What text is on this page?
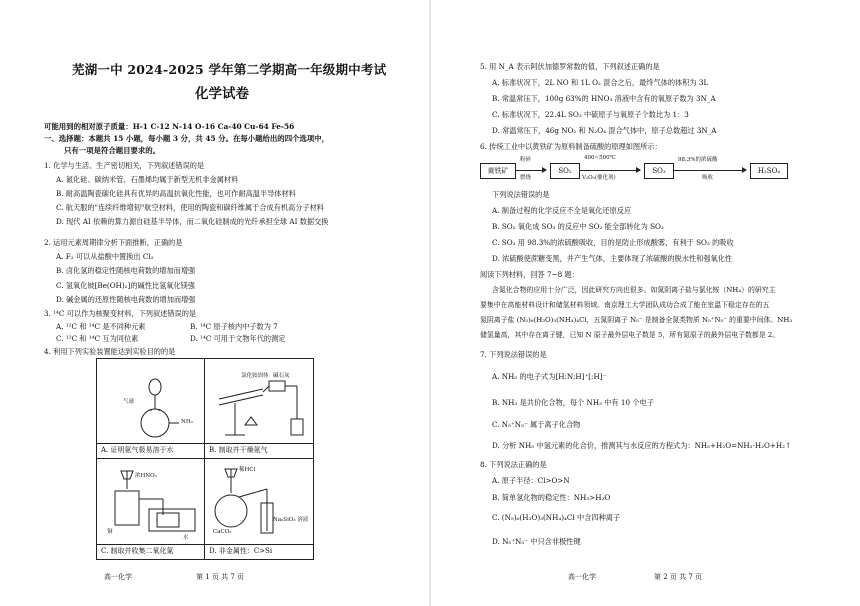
芜湖一中 2024-2025 学年第二学期高一年级期中考试
化学试卷
可能用到的相对原子质量：H-1 C-12 N-14 O-16 Ca-40 Cu-64 Fe-56
一、选择题：本题共 15 小题，每小题 3 分，共 45 分。在每小题给出的四个选项中，
只有一项是符合题目要求的。
1. 化学与生活、生产密切相关，下列叙述错误的是
A. 氮化硅、碳纳米管、石墨烯均属于新型无机非金属材料
B. 耐高温陶瓷碳化硅具有优异的高温抗氧化性能，也可作耐高温半导体材料
C. 航天服的"连续纤维增韧"航空材料，使用的陶瓷和碳纤维属于合成有机高分子材料
D. 现代 AI 依赖的算力源自硅基半导体，而二氧化硅制成的光纤承担全球 AI 数据交换
2. 运用元素周期律分析下面推断，正确的是
A. F₂ 可以从盐酸中置换出 Cl₂
B. 卤化氢的稳定性随核电荷数的增加而增强
C. 氢氧化铍[Be(OH)₂]的碱性比氢氧化镁强
D. 碱金属的还原性随核电荷数的增加而增强
3. ¹⁴C 可以作为核聚变材料，下列叙述错误的是
A. ¹²C 和 ¹⁴C 是不同种元素	B. ¹⁴C 原子核内中子数为 7
C. ¹²C 和 ¹⁴C 互为同位素	D. ¹⁴C 可用于文物年代的测定
4. 利用下列实验装置能达到实验目的的是
气球
NH₃
A. 证明氨气极易溶于水
氯化铵固体 碱石灰
B. 制取并干燥氨气
浓HNO₃
铜
水
C. 制取并收集二氧化氮
稀HCl
CaCO₃
Na₂SiO₃ 溶液
D. 非金属性：C>Si
高一化学	第 1 页 共 7 页
5. 用 N_A 表示阿伏加德罗常数的值，下列叙述正确的是
A. 标准状况下，2L NO 和 1L O₂ 混合之后，最终气体的体积为 3L
B. 常温常压下，100g 63%的 HNO₃ 溶液中含有的氧原子数为 3N_A
C. 标准状况下，22.4L SO₃ 中硫原子与氧原子个数比为 1：3
D. 常温常压下，46g NO₂ 和 N₂O₄ 混合气体中，原子总数超过 3N_A
6. 传统工业中以黄铁矿为原料制备硫酸的原理如图所示：
黄铁矿
粉碎
燃烧
SO₂
400~500℃
V₂O₅(催化剂)
SO₃
98.3%的浓硫酸
吸收
H₂SO₄
下列说法错误的是
A. 制备过程的化学反应不全是氧化还原反应
B. SO₂ 氧化成 SO₃ 的反应中 SO₂ 能全部转化为 SO₃
C. SO₃ 用 98.3%的浓硫酸吸收，目的是防止形成酸雾，有利于 SO₃ 的吸收
D. 浓硫酸使蔗糖变黑，并产生气体，主要体现了浓硫酸的脱水性和强氧化性
阅读下列材料，回答 7~8 题：
含氮化合物的应用十分广泛，因此研究方向也很多。如氮阴离子盐与氯化铵（NH₄）的研究主
要集中在高能材料设计和储氢材料领域。南京理工大学团队成功合成了能在室温下稳定存在的五
氮阴离子盐 (N₅)₆(H₃O)₃(NH₄)₄Cl，五氮阴离子 N₅⁻ 是制备全氮类物质 N₅⁺N₅⁻ 的重要中间体。NH₃
储氢量高，其中存在离子键，已知 N 原子最外层电子数是 5，所有氮原子的最外层电子数都是 2。
7. 下列说法错误的是
A. NH₅ 的电子式为[H:N:H]⁺[:H]⁻
B. NH₃ 是共价化合物，每个 NH₃ 中有 10 个电子
C. N₅⁺N₅⁻ 属于离子化合物
D. 分析 NH₅ 中氢元素的化合价，推测其与水反应的方程式为：NH₅+H₂O=NH₃·H₂O+H₂↑
8. 下列说法正确的是
A. 原子半径：Cl>O>N
B. 简单氢化物的稳定性：NH₃>H₂O
C. (N₅)₆(H₃O)₃(NH₄)₄Cl 中含四种离子
D. N₅⁺N₅⁻ 中只含非极性键
高一化学	第 2 页 共 7 页
